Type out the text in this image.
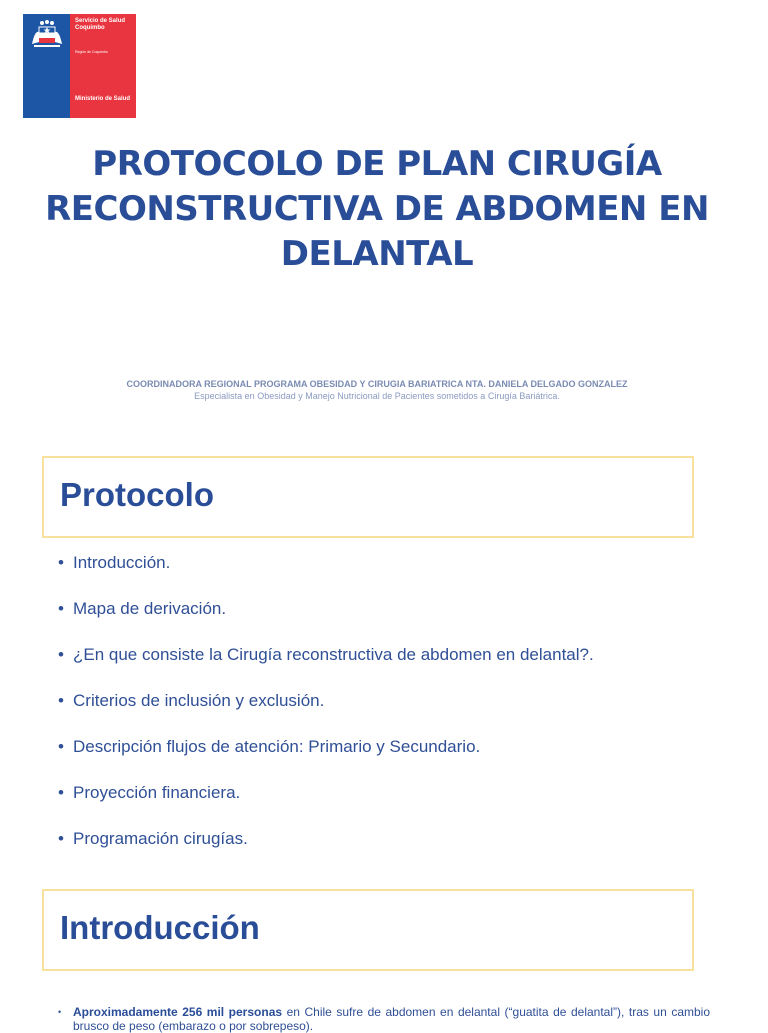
Servicio de Salud Coquimbo
Región de Coquimbo
Ministerio de Salud
PROTOCOLO DE PLAN CIRUGÍA RECONSTRUCTIVA DE ABDOMEN EN DELANTAL
COORDINADORA REGIONAL PROGRAMA OBESIDAD Y CIRUGIA BARIATRICA NTA. DANIELA DELGADO GONZALEZ
Especialista en Obesidad y Manejo Nutricional de Pacientes sometidos a Cirugía Bariátrica.
Protocolo
• Introducción.
• Mapa de derivación.
• ¿En que consiste la Cirugía reconstructiva de abdomen en delantal?.
• Criterios de inclusión y exclusión.
• Descripción flujos de atención: Primario y Secundario.
• Proyección financiera.
• Programación cirugías.
Introducción
• Aproximadamente 256 mil personas en Chile sufre de abdomen en delantal (“guatita de delantal”), tras un cambio brusco de peso (embarazo o por sobrepeso).
